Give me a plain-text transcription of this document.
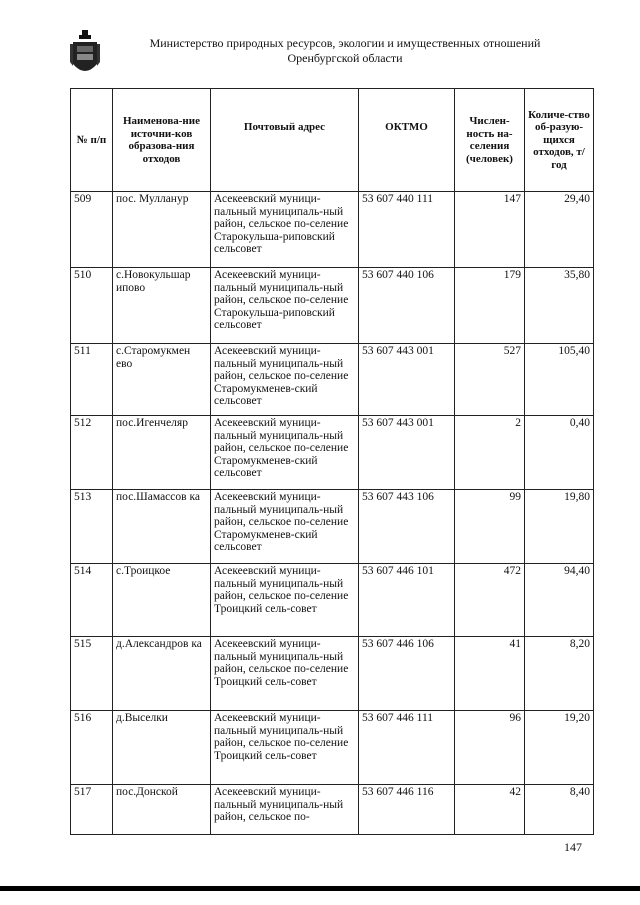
Министерство природных ресурсов, экологии и имущественных отношений
Оренбургской области
№ п/п	Наименова-ние источни-ков образова-ния отходов	Почтовый адрес	ОКТМО	Числен-ность на-селения (человек)	Количе-ство об-разую-щихся отходов, т/год
509	пос. Мулланур	Асекеевский муници-пальный муниципаль-ный район, сельское по-селение Старокульша-риповский сельсовет	53 607 440 111	147	29,40
510	с.Новокульшар ипово	Асекеевский муници-пальный муниципаль-ный район, сельское по-селение Старокульша-риповский сельсовет	53 607 440 106	179	35,80
511	с.Старомукмен ево	Асекеевский муници-пальный муниципаль-ный район, сельское по-селение Старомукменев-ский сельсовет	53 607 443 001	527	105,40
512	пос.Игенчеляр	Асекеевский муници-пальный муниципаль-ный район, сельское по-селение Старомукменев-ский сельсовет	53 607 443 001	2	0,40
513	пос.Шамассов ка	Асекеевский муници-пальный муниципаль-ный район, сельское по-селение Старомукменев-ский сельсовет	53 607 443 106	99	19,80
514	с.Троицкое	Асекеевский муници-пальный муниципаль-ный район, сельское по-селение Троицкий сель-совет	53 607 446 101	472	94,40
515	д.Александров ка	Асекеевский муници-пальный муниципаль-ный район, сельское по-селение Троицкий сель-совет	53 607 446 106	41	8,20
516	д.Выселки	Асекеевский муници-пальный муниципаль-ный район, сельское по-селение Троицкий сель-совет	53 607 446 111	96	19,20
517	пос.Донской	Асекеевский муници-пальный муниципаль-ный район, сельское по-	53 607 446 116	42	8,40
147
